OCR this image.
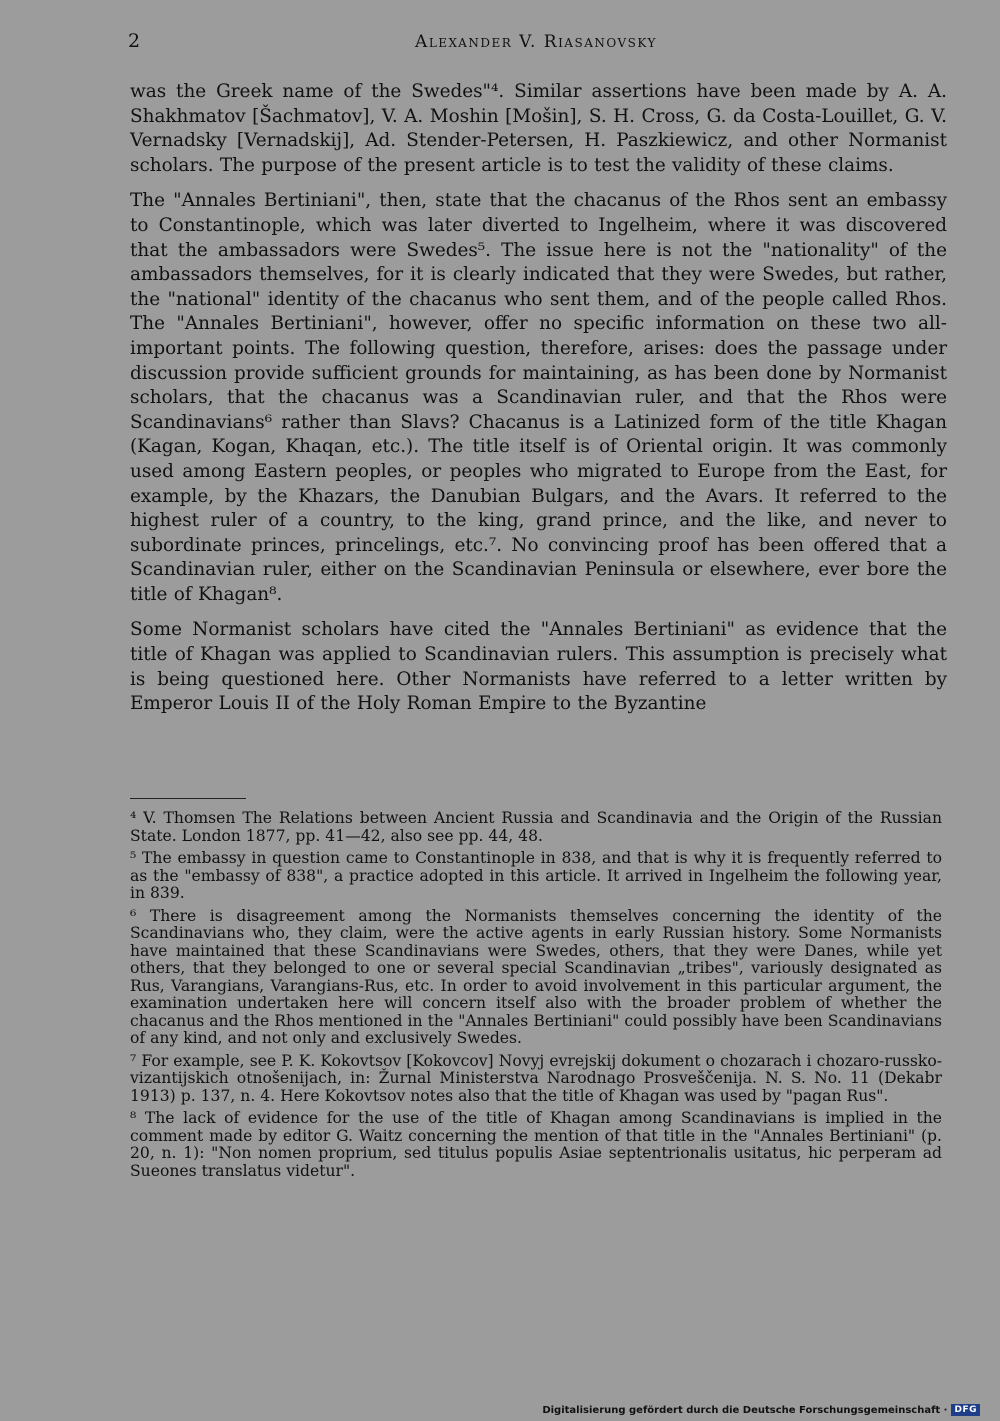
2	Alexander V. Riasanovsky

was the Greek name of the Swedes"⁴. Similar assertions have been made by A. A. Shakhmatov [Šachmatov], V. A. Moshin [Mošin], S. H. Cross, G. da Costa-Louillet, G. V. Vernadsky [Vernadskij], Ad. Stender-Petersen, H. Paszkiewicz, and other Normanist scholars. The purpose of the present article is to test the validity of these claims.

The "Annales Bertiniani", then, state that the chacanus of the Rhos sent an embassy to Constantinople, which was later diverted to Ingelheim, where it was discovered that the ambassadors were Swedes⁵. The issue here is not the "nationality" of the ambassadors themselves, for it is clearly indicated that they were Swedes, but rather, the "national" identity of the chacanus who sent them, and of the people called Rhos. The "Annales Bertiniani", however, offer no specific information on these two all-important points. The following question, therefore, arises: does the passage under discussion provide sufficient grounds for maintaining, as has been done by Normanist scholars, that the chacanus was a Scandinavian ruler, and that the Rhos were Scandinavians⁶ rather than Slavs? Chacanus is a Latinized form of the title Khagan (Kagan, Kogan, Khaqan, etc.). The title itself is of Oriental origin. It was commonly used among Eastern peoples, or peoples who migrated to Europe from the East, for example, by the Khazars, the Danubian Bulgars, and the Avars. It referred to the highest ruler of a country, to the king, grand prince, and the like, and never to subordinate princes, princelings, etc.⁷. No convincing proof has been offered that a Scandinavian ruler, either on the Scandinavian Peninsula or elsewhere, ever bore the title of Khagan⁸.

Some Normanist scholars have cited the "Annales Bertiniani" as evidence that the title of Khagan was applied to Scandinavian rulers. This assumption is precisely what is being questioned here. Other Normanists have referred to a letter written by Emperor Louis II of the Holy Roman Empire to the Byzantine

⁴ V. Thomsen The Relations between Ancient Russia and Scandinavia and the Origin of the Russian State. London 1877, pp. 41—42, also see pp. 44, 48.

⁵ The embassy in question came to Constantinople in 838, and that is why it is frequently referred to as the "embassy of 838", a practice adopted in this article. It arrived in Ingelheim the following year, in 839.

⁶ There is disagreement among the Normanists themselves concerning the identity of the Scandinavians who, they claim, were the active agents in early Russian history. Some Normanists have maintained that these Scandinavians were Swedes, others, that they were Danes, while yet others, that they belonged to one or several special Scandinavian „tribes", variously designated as Rus, Varangians, Varangians-Rus, etc. In order to avoid involvement in this particular argument, the examination undertaken here will concern itself also with the broader problem of whether the chacanus and the Rhos mentioned in the "Annales Bertiniani" could possibly have been Scandinavians of any kind, and not only and exclusively Swedes.

⁷ For example, see P. K. Kokovtsov [Kokovcov] Novyj evrejskij dokument o chozarach i chozaro-russko-vizantijskich otnošenijach, in: Žurnal Ministerstva Narodnago Prosveščenija. N. S. No. 11 (Dekabr 1913) p. 137, n. 4. Here Kokovtsov notes also that the title of Khagan was used by "pagan Rus".

⁸ The lack of evidence for the use of the title of Khagan among Scandinavians is implied in the comment made by editor G. Waitz concerning the mention of that title in the "Annales Bertiniani" (p. 20, n. 1): "Non nomen proprium, sed titulus populis Asiae septentrionalis usitatus, hic perperam ad Sueones translatus videtur".

Digitalisierung gefördert durch die Deutsche Forschungsgemeinschaft · DFG
